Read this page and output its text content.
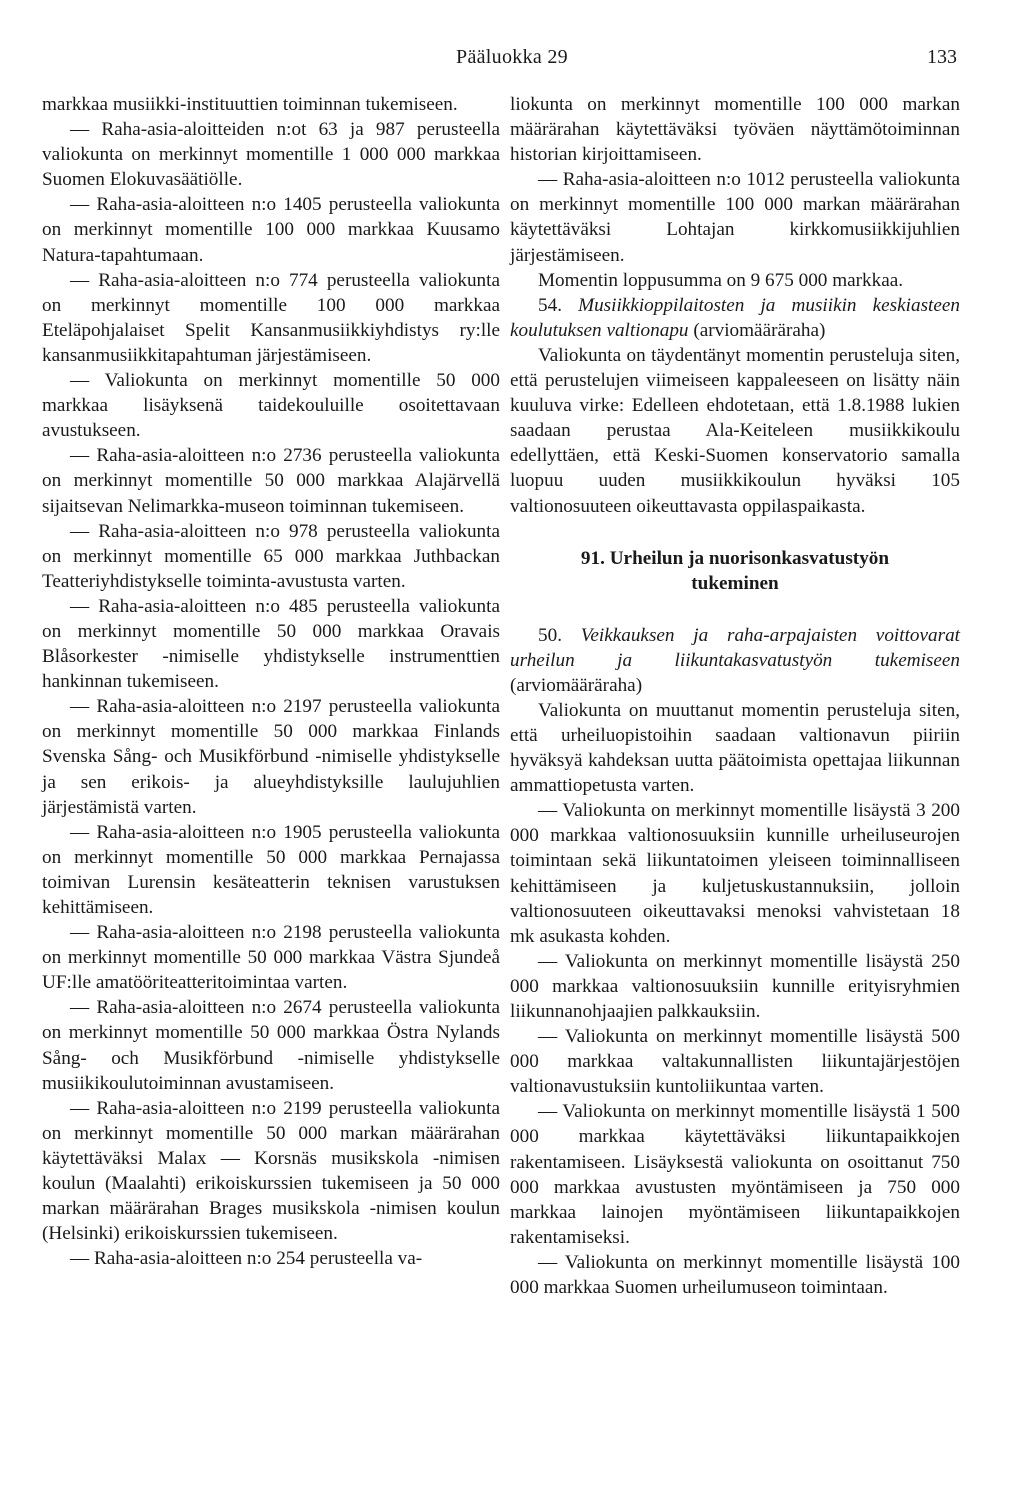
Pääluokka 29	133

markkaa musiikki-instituuttien toiminnan tukemiseen.

— Raha-asia-aloitteiden n:ot 63 ja 987 perusteella valiokunta on merkinnyt momentille 1 000 000 markkaa Suomen Elokuvasäätiölle.

— Raha-asia-aloitteen n:o 1405 perusteella valiokunta on merkinnyt momentille 100 000 markkaa Kuusamo Natura-tapahtumaan.

— Raha-asia-aloitteen n:o 774 perusteella valiokunta on merkinnyt momentille 100 000 markkaa Eteläpohjalaiset Spelit Kansanmusiikkiyhdistys ry:lle kansanmusiikkitapahtuman järjestämiseen.

— Valiokunta on merkinnyt momentille 50 000 markkaa lisäyksenä taidekouluille osoitettavaan avustukseen.

— Raha-asia-aloitteen n:o 2736 perusteella valiokunta on merkinnyt momentille 50 000 markkaa Alajärvellä sijaitsevan Nelimarkka-museon toiminnan tukemiseen.

— Raha-asia-aloitteen n:o 978 perusteella valiokunta on merkinnyt momentille 65 000 markkaa Juthbackan Teatteriyhdistykselle toiminta-avustusta varten.

— Raha-asia-aloitteen n:o 485 perusteella valiokunta on merkinnyt momentille 50 000 markkaa Oravais Blåsorkester -nimiselle yhdistykselle instrumenttien hankinnan tukemiseen.

— Raha-asia-aloitteen n:o 2197 perusteella valiokunta on merkinnyt momentille 50 000 markkaa Finlands Svenska Sång- och Musikförbund -nimiselle yhdistykselle ja sen erikois- ja alueyhdistyksille laulujuhlien järjestämistä varten.

— Raha-asia-aloitteen n:o 1905 perusteella valiokunta on merkinnyt momentille 50 000 markkaa Pernajassa toimivan Lurensin kesäteatterin teknisen varustuksen kehittämiseen.

— Raha-asia-aloitteen n:o 2198 perusteella valiokunta on merkinnyt momentille 50 000 markkaa Västra Sjundeå UF:lle amatööriteatteritoimintaa varten.

— Raha-asia-aloitteen n:o 2674 perusteella valiokunta on merkinnyt momentille 50 000 markkaa Östra Nylands Sång- och Musikförbund -nimiselle yhdistykselle musiikikoulutoiminnan avustamiseen.

— Raha-asia-aloitteen n:o 2199 perusteella valiokunta on merkinnyt momentille 50 000 markan määrärahan käytettäväksi Malax — Korsnäs musikskola -nimisen koulun (Maalahti) erikoiskurssien tukemiseen ja 50 000 markan määrärahan Brages musikskola -nimisen koulun (Helsinki) erikoiskurssien tukemiseen.

— Raha-asia-aloitteen n:o 254 perusteella va-

liokunta on merkinnyt momentille 100 000 markan määrärahan käytettäväksi työväen näyttämötoiminnan historian kirjoittamiseen.

— Raha-asia-aloitteen n:o 1012 perusteella valiokunta on merkinnyt momentille 100 000 markan määrärahan käytettäväksi Lohtajan kirkkomusiikkijuhlien järjestämiseen.

Momentin loppusumma on 9 675 000 markkaa.

54. Musiikkioppilaitosten ja musiikin keskiasteen koulutuksen valtionapu (arviomääräraha)

Valiokunta on täydentänyt momentin perusteluja siten, että perustelujen viimeiseen kappaleeseen on lisätty näin kuuluva virke: Edelleen ehdotetaan, että 1.8.1988 lukien saadaan perustaa Ala-Keiteleen musiikkikoulu edellyttäen, että Keski-Suomen konservatorio samalla luopuu uuden musiikkikoulun hyväksi 105 valtionosuuteen oikeuttavasta oppilaspaikasta.

91. Urheilun ja nuorisonkasvatustyön tukeminen

50. Veikkauksen ja raha-arpajaisten voittovarat urheilun ja liikuntakasvatustyön tukemiseen (arviomääräraha)

Valiokunta on muuttanut momentin perusteluja siten, että urheiluopistoihin saadaan valtionavun piiriin hyväksyä kahdeksan uutta päätoimista opettajaa liikunnan ammattiopetusta varten.

— Valiokunta on merkinnyt momentille lisäystä 3 200 000 markkaa valtionosuuksiin kunnille urheiluseurojen toimintaan sekä liikuntatoimen yleiseen toiminnalliseen kehittämiseen ja kuljetuskustannuksiin, jolloin valtionosuuteen oikeuttavaksi menoksi vahvistetaan 18 mk asukasta kohden.

— Valiokunta on merkinnyt momentille lisäystä 250 000 markkaa valtionosuuksiin kunnille erityisryhmien liikunnanohjaajien palkkauksiin.

— Valiokunta on merkinnyt momentille lisäystä 500 000 markkaa valtakunnallisten liikuntajärjestöjen valtionavustuksiin kuntoliikuntaa varten.

— Valiokunta on merkinnyt momentille lisäystä 1 500 000 markkaa käytettäväksi liikuntapaikkojen rakentamiseen. Lisäyksestä valiokunta on osoittanut 750 000 markkaa avustusten myöntämiseen ja 750 000 markkaa lainojen myöntämiseen liikuntapaikkojen rakentamiseksi.

— Valiokunta on merkinnyt momentille lisäystä 100 000 markkaa Suomen urheilumuseon toimintaan.
